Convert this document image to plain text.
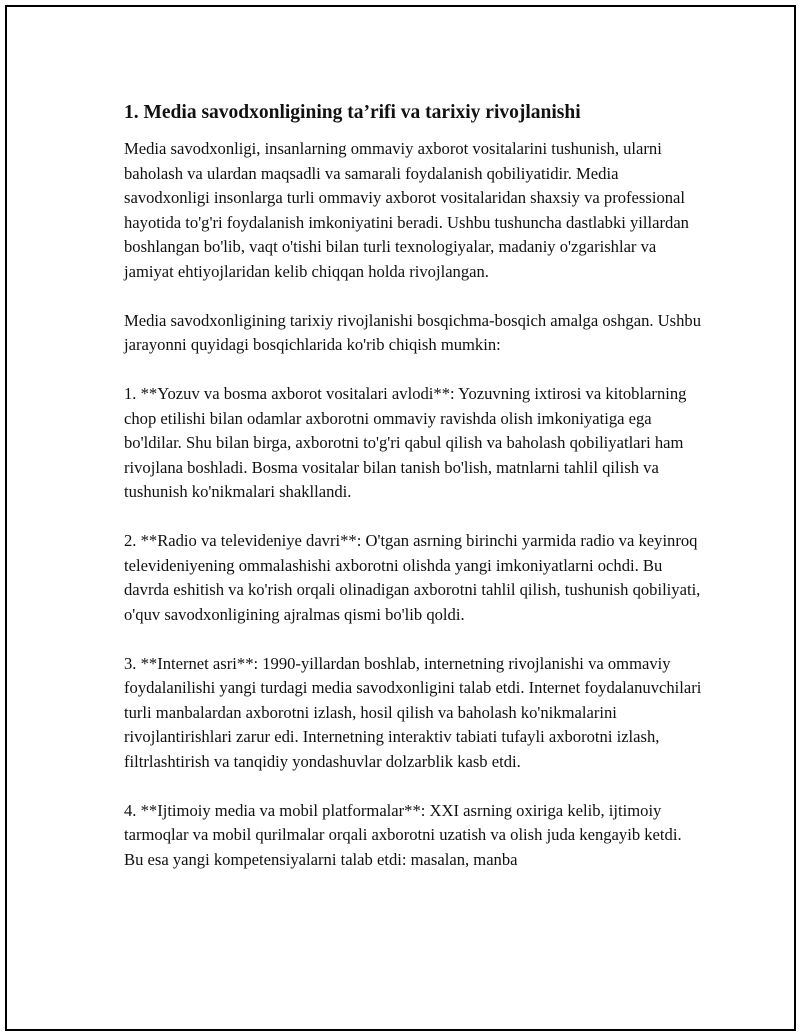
1. Media savodxonligining ta’rifi va tarixiy rivojlanishi

Media savodxonligi, insanlarning ommaviy axborot vositalarini tushunish, ularni baholash va ulardan maqsadli va samarali foydalanish qobiliyatidir. Media savodxonligi insonlarga turli ommaviy axborot vositalaridan shaxsiy va professional hayotida to'g'ri foydalanish imkoniyatini beradi. Ushbu tushuncha dastlabki yillardan boshlangan bo'lib, vaqt o'tishi bilan turli texnologiyalar, madaniy o'zgarishlar va jamiyat ehtiyojlaridan kelib chiqqan holda rivojlangan.

Media savodxonligining tarixiy rivojlanishi bosqichma-bosqich amalga oshgan. Ushbu jarayonni quyidagi bosqichlarida ko'rib chiqish mumkin:

1. **Yozuv va bosma axborot vositalari avlodi**: Yozuvning ixtirosi va kitoblarning chop etilishi bilan odamlar axborotni ommaviy ravishda olish imkoniyatiga ega bo'ldilar. Shu bilan birga, axborotni to'g'ri qabul qilish va baholash qobiliyatlari ham rivojlana boshladi. Bosma vositalar bilan tanish bo'lish, matnlarni tahlil qilish va tushunish ko'nikmalari shakllandi.

2. **Radio va televideniye davri**: O'tgan asrning birinchi yarmida radio va keyinroq televideniyening ommalashishi axborotni olishda yangi imkoniyatlarni ochdi. Bu davrda eshitish va ko'rish orqali olinadigan axborotni tahlil qilish, tushunish qobiliyati, o'quv savodxonligining ajralmas qismi bo'lib qoldi.

3. **Internet asri**: 1990-yillardan boshlab, internetning rivojlanishi va ommaviy foydalanilishi yangi turdagi media savodxonligini talab etdi. Internet foydalanuvchilari turli manbalardan axborotni izlash, hosil qilish va baholash ko'nikmalarini rivojlantirishlari zarur edi. Internetning interaktiv tabiati tufayli axborotni izlash, filtrlashtirish va tanqidiy yondashuvlar dolzarblik kasb etdi.

4. **Ijtimoiy media va mobil platformalar**: XXI asrning oxiriga kelib, ijtimoiy tarmoqlar va mobil qurilmalar orqali axborotni uzatish va olish juda kengayib ketdi. Bu esa yangi kompetensiyalarni talab etdi: masalan, manba
